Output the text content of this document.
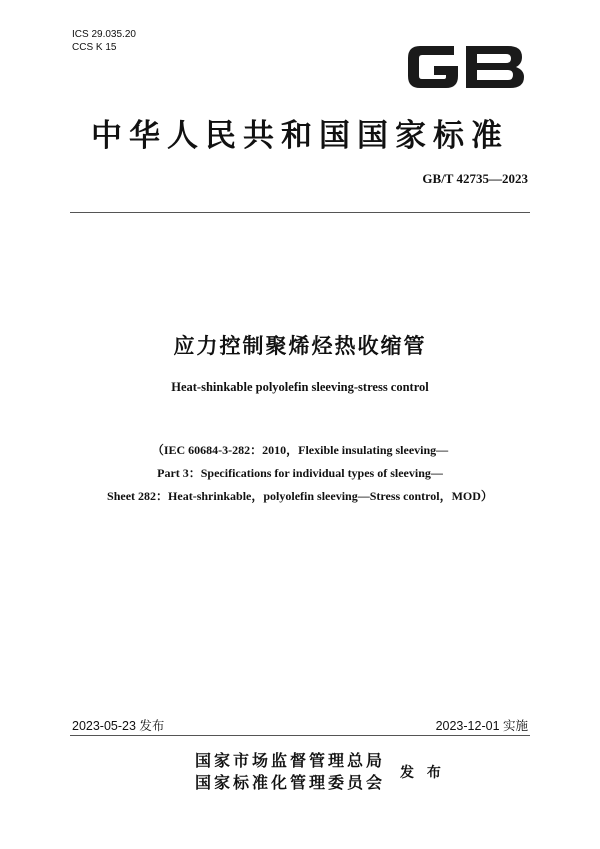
ICS 29.035.20
CCS K 15
中华人民共和国国家标准
GB/T 42735—2023
应力控制聚烯烃热收缩管
Heat-shinkable polyolefin sleeving-stress control
（IEC 60684-3-282：2010，Flexible insulating sleeving—
Part 3：Specifications for individual types of sleeving—
Sheet 282：Heat-shrinkable，polyolefin sleeving—Stress control，MOD）
2023-05-23 发布	2023-12-01 实施
国家市场监督管理总局
国家标准化管理委员会 发 布
